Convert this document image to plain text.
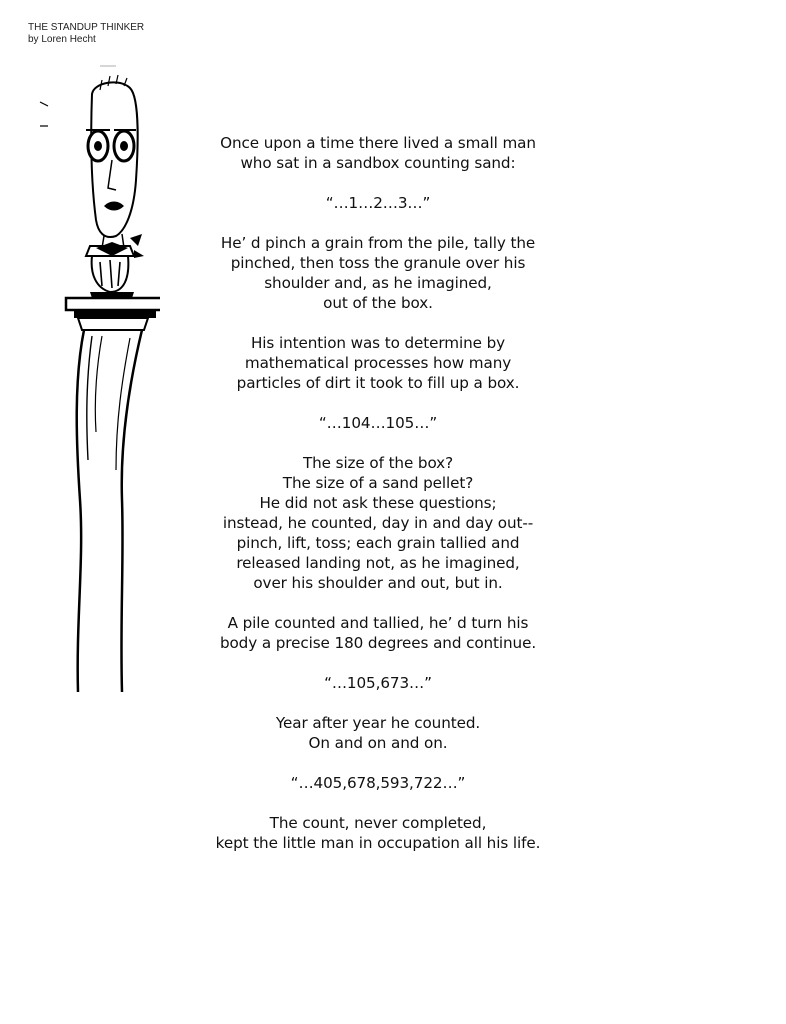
THE STANDUP THINKER
by Loren Hecht
Once upon a time there lived a small man
who sat in a sandbox counting sand:
“…1…2…3…”
He’ d pinch a grain from the pile, tally the
pinched, then toss the granule over his
shoulder and, as he imagined,
out of the box.
His intention was to determine by
mathematical processes how many
particles of dirt it took to fill up a box.
“…104…105…”
The size of the box?
The size of a sand pellet?
He did not ask these questions;
instead, he counted, day in and day out--
pinch, lift, toss; each grain tallied and
released landing not, as he imagined,
over his shoulder and out, but in.
A pile counted and tallied, he’ d turn his
body a precise 180 degrees and continue.
“…105,673…”
Year after year he counted.
On and on and on.
“…405,678,593,722…”
The count, never completed,
kept the little man in occupation all his life.
